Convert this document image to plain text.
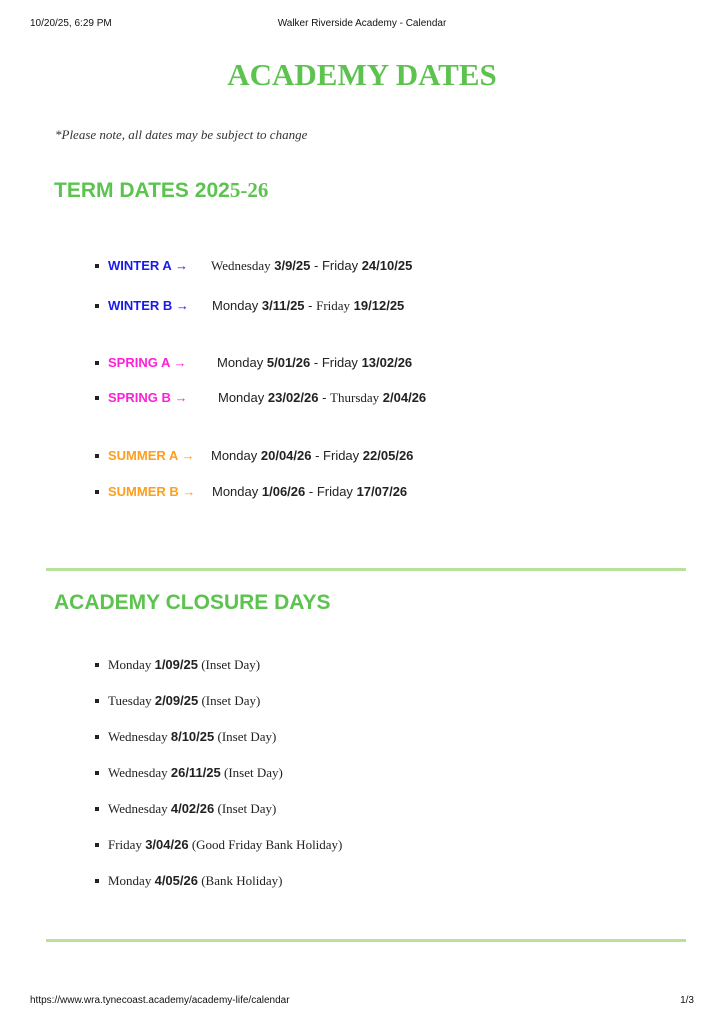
Walker Riverside Academy - Calendar
10/20/25, 6:29 PM
ACADEMY DATES
*Please note, all dates may be subject to change
TERM DATES 2025-26
WINTER A → Wednesday 3/9/25 - Friday 24/10/25
WINTER B → Monday 3/11/25 - Friday 19/12/25
SPRING A → Monday 5/01/26 - Friday 13/02/26
SPRING B → Monday 23/02/26 - Thursday 2/04/26
SUMMER A → Monday 20/04/26 - Friday 22/05/26
SUMMER B → Monday 1/06/26 - Friday 17/07/26
ACADEMY CLOSURE DAYS
Monday 1/09/25 (Inset Day)
Tuesday 2/09/25 (Inset Day)
Wednesday 8/10/25 (Inset Day)
Wednesday 26/11/25 (Inset Day)
Wednesday 4/02/26 (Inset Day)
Friday 3/04/26 (Good Friday Bank Holiday)
Monday 4/05/26 (Bank Holiday)
https://www.wra.tynecoast.academy/academy-life/calendar	1/3
